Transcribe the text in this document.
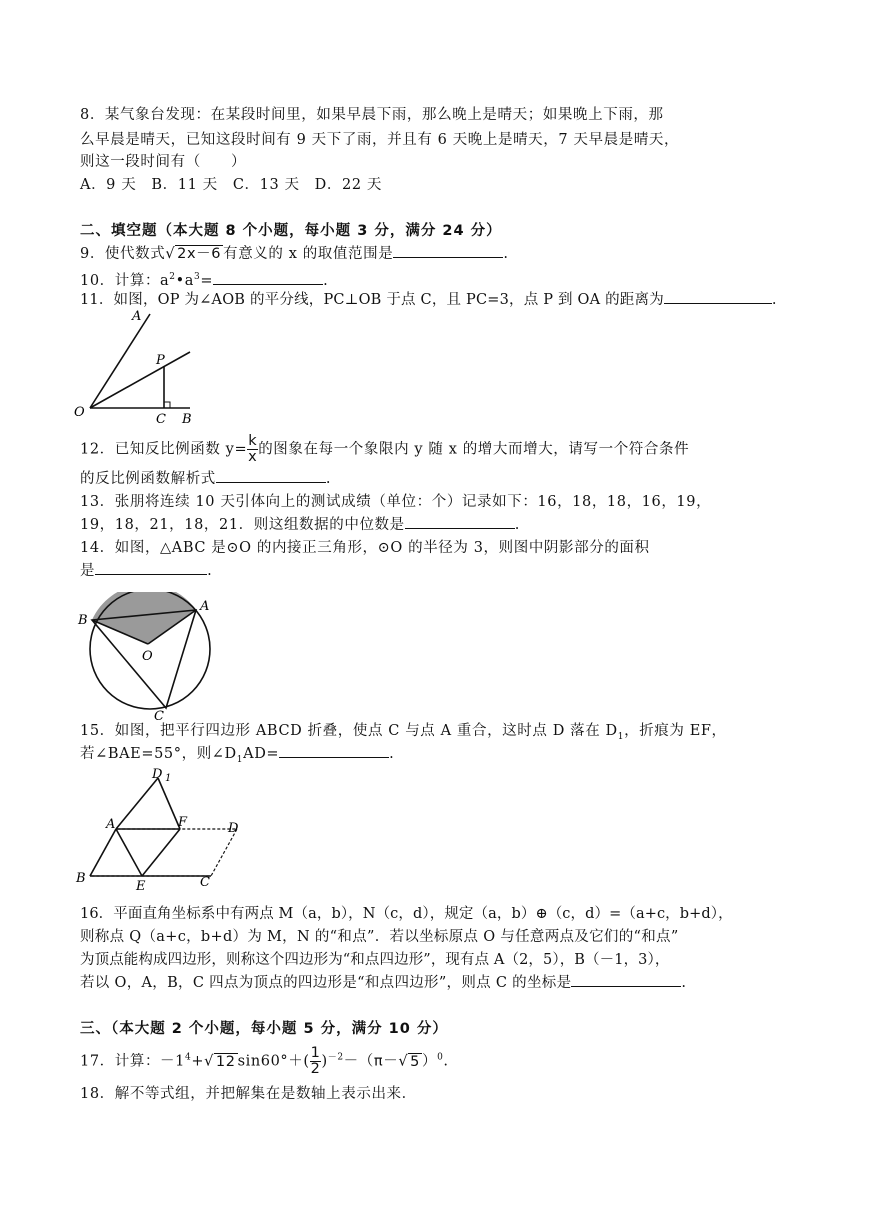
8．某气象台发现：在某段时间里，如果早晨下雨，那么晚上是晴天；如果晚上下雨，那
么早晨是晴天，已知这段时间有 9 天下了雨，并且有 6 天晚上是晴天，7 天早晨是晴天，
则这一段时间有（　　）
A．9 天　B．11 天　C．13 天　D．22 天
二、填空题（本大题 8 个小题，每小题 3 分，满分 24 分）
9．使代数式√ 2x－6 有意义的 x 的取值范围是	.
10．计算：$a^2•a^3=$	.
11．如图，OP 为∠AOB 的平分线，PC⊥OB 于点 C，且 PC=3，点 P 到 OA 的距离为	.
A
P
O	C B
12．已知反比例函数 $y= \frac{k}{x}$ 的图象在每一个象限内 y 随 x 的增大而增大，请写一个符合条件
的反比例函数解析式	.
13．张朋将连续 10 天引体向上的测试成绩（单位：个）记录如下：16，18，18，16，19，
19，18，21，18，21．则这组数据的中位数是	.
14．如图，△ABC 是⊙O 的内接正三角形，⊙O 的半径为 3，则图中阴影部分的面积
是	.
B
A
O
C
15．如图，把平行四边形 ABCD 折叠，使点 C 与点 A 重合，这时点 D 落在 $D_1$，折痕为 EF，
若∠BAE=55°，则$\angle D_1AD=$	.
D 1
A	F	D
B
E	C
16．平面直角坐标系中有两点 M（a，b），N（c，d），规定（a，b）⊕（c，d）=（a+c，b+d），
则称点 Q（a+c，b+d）为 M，N 的“和点”．若以坐标原点 O 与任意两点及它们的“和点”
为顶点能构成四边形，则称这个四边形为“和点四边形”，现有点 A（2，5），B（－1，3），
若以 O，A，B，C 四点为顶点的四边形是“和点四边形”，则点 C 的坐标是	.
三、（本大题 2 个小题，每小题 5 分，满分 10 分）
17．计算：$-1^4+√$ 12 $\sin 60^\circ+( \frac{1}{2} )^{-2}-(\pi-√$ 5 ）$^0$.
18．解不等式组，并把解集在是数轴上表示出来．
